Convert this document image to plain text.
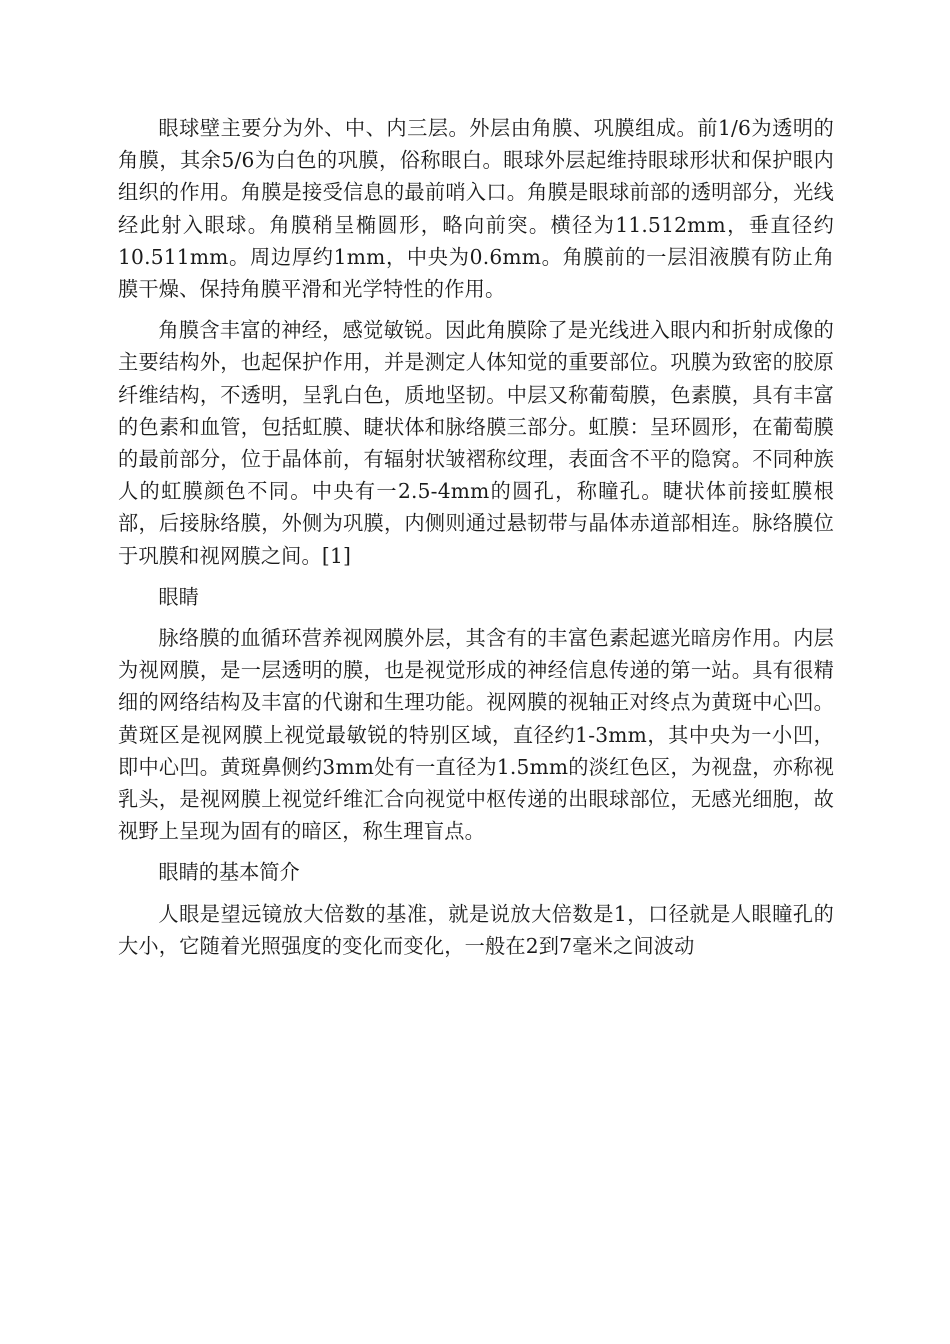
眼球壁主要分为外、中、内三层。外层由角膜、巩膜组成。前1/6为透明的角膜，其余5/6为白色的巩膜，俗称眼白。眼球外层起维持眼球形状和保护眼内组织的作用。角膜是接受信息的最前哨入口。角膜是眼球前部的透明部分，光线经此射入眼球。角膜稍呈椭圆形，略向前突。横径为11.512mm，垂直径约10.511mm。周边厚约1mm，中央为0.6mm。角膜前的一层泪液膜有防止角膜干燥、保持角膜平滑和光学特性的作用。

角膜含丰富的神经，感觉敏锐。因此角膜除了是光线进入眼内和折射成像的主要结构外，也起保护作用，并是测定人体知觉的重要部位。巩膜为致密的胶原纤维结构，不透明，呈乳白色，质地坚韧。中层又称葡萄膜，色素膜，具有丰富的色素和血管，包括虹膜、睫状体和脉络膜三部分。虹膜：呈环圆形，在葡萄膜的最前部分，位于晶体前，有辐射状皱褶称纹理，表面含不平的隐窝。不同种族人的虹膜颜色不同。中央有一2.5-4mm的圆孔，称瞳孔。睫状体前接虹膜根部，后接脉络膜，外侧为巩膜，内侧则通过悬韧带与晶体赤道部相连。脉络膜位于巩膜和视网膜之间。[1]

眼睛

脉络膜的血循环营养视网膜外层，其含有的丰富色素起遮光暗房作用。内层为视网膜，是一层透明的膜，也是视觉形成的神经信息传递的第一站。具有很精细的网络结构及丰富的代谢和生理功能。视网膜的视轴正对终点为黄斑中心凹。黄斑区是视网膜上视觉最敏锐的特别区域，直径约1-3mm，其中央为一小凹，即中心凹。黄斑鼻侧约3mm处有一直径为1.5mm的淡红色区，为视盘，亦称视乳头，是视网膜上视觉纤维汇合向视觉中枢传递的出眼球部位，无感光细胞，故视野上呈现为固有的暗区，称生理盲点。

眼睛的基本简介

人眼是望远镜放大倍数的基准，就是说放大倍数是1，口径就是人眼瞳孔的大小，它随着光照强度的变化而变化，一般在2到7毫米之间波动
